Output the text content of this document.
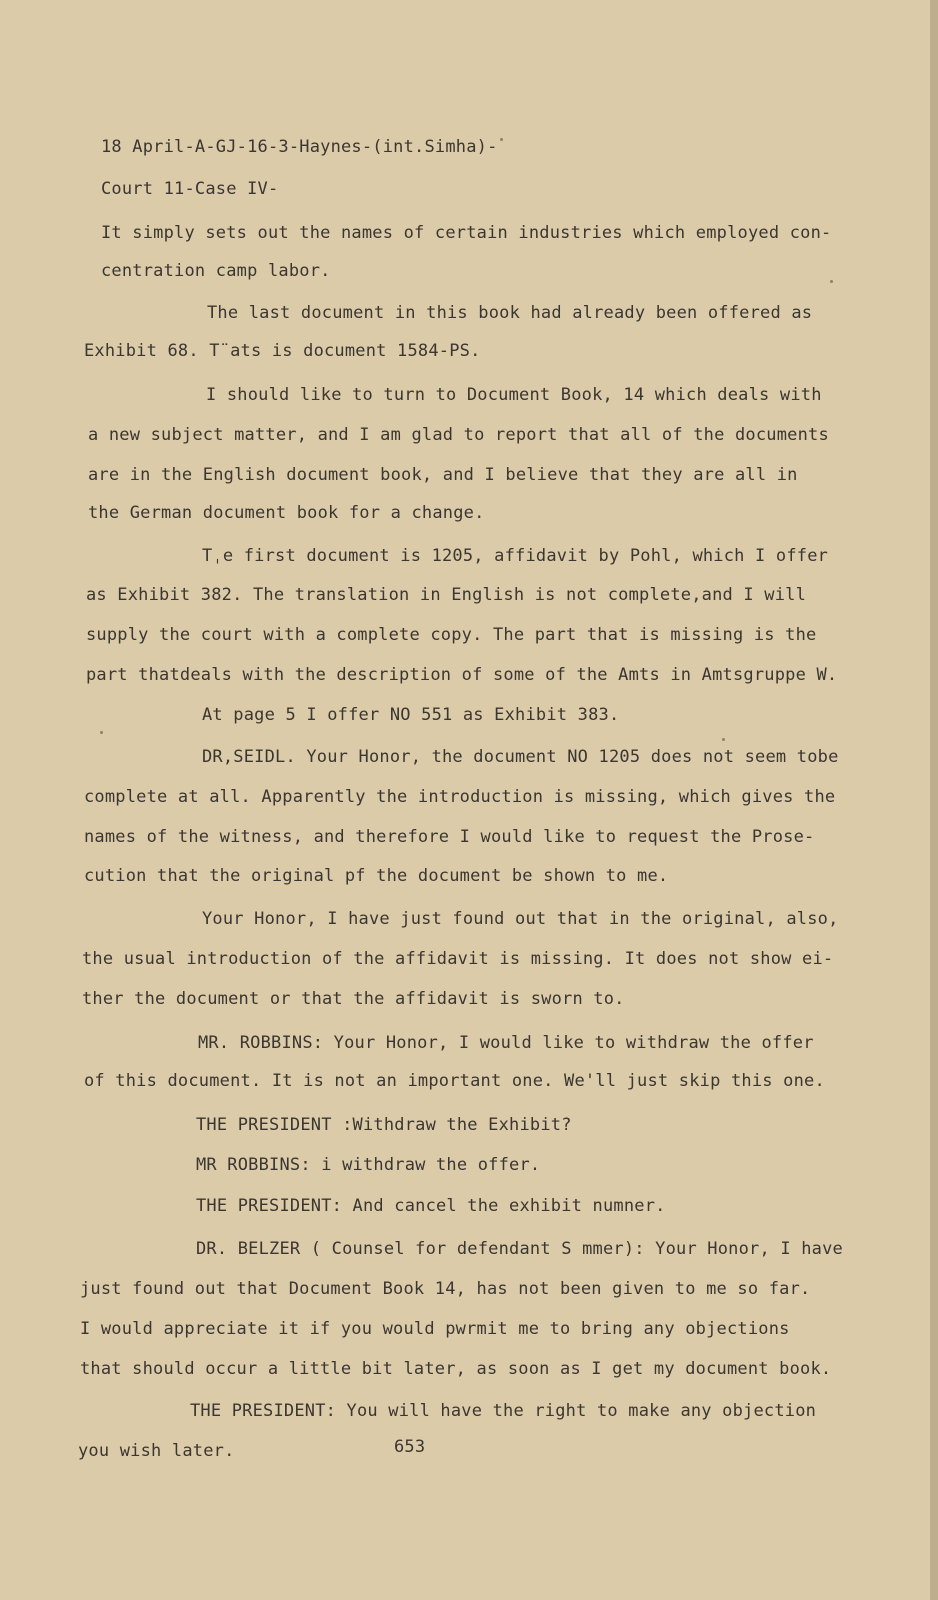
18 April-A-GJ-16-3-Haynes-(int.Simha)-
Court 11-Case IV-
It simply sets out the names of certain industries which employed con-
centration camp labor.
The last document in this book had already been offered as
Exhibit 68. T¨ats is document 1584-PS.
I should like to turn to Document Book, 14 which deals with
a new subject matter, and I am glad to report that all of the documents
are in the English document book, and I believe that they are all in
the German document book for a change.
Tˌe first document is 1205, affidavit by Pohl, which I offer
as Exhibit 382. The translation in English is not complete,and I will
supply the court with a complete copy. The part that is missing is the
part thatdeals with the description of some of the Amts in Amtsgruppe W.
At page 5 I offer NO 551 as Exhibit 383.
DR,SEIDL. Your Honor, the document NO 1205 does not seem tobe
complete at all. Apparently the introduction is missing, which gives the
names of the witness, and therefore I would like to request the Prose-
cution that the original pf the document be shown to me.
Your Honor, I have just found out that in the original, also,
the usual introduction of the affidavit is missing. It does not show ei-
ther the document or that the affidavit is sworn to.
MR. ROBBINS: Your Honor, I would like to withdraw the offer
of this document. It is not an important one. We'll just skip this one.
THE PRESIDENT :Withdraw the Exhibit?
MR ROBBINS: i withdraw the offer.
THE PRESIDENT: And cancel the exhibit numner.
DR. BELZER ( Counsel for defendant S mmer): Your Honor, I have
just found out that Document Book 14, has not been given to me so far.
I would appreciate it if you would pwrmit me to bring any objections
that should occur a little bit later, as soon as I get my document book.
THE PRESIDENT: You will have the right to make any objection
you wish later.	653
